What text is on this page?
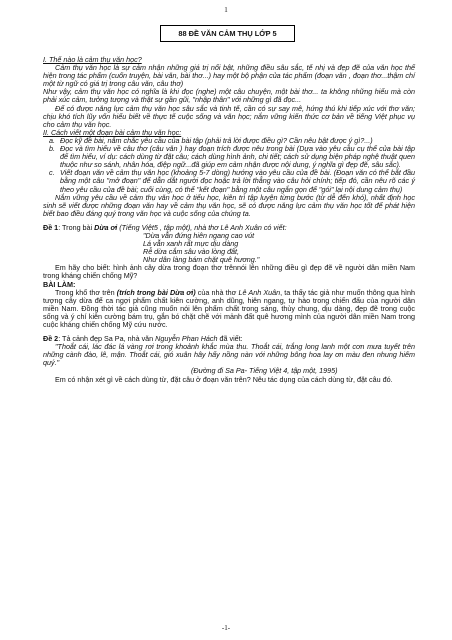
1
88 ĐỀ VĂN CẢM THỤ LỚP 5

I. Thế nào là cảm thụ văn học?

Cảm thụ văn học là sự cảm nhận những giá trị nổi bật, những điều sâu sắc, tế nhị và đẹp đẽ của văn học thể hiện trong tác phẩm (cuốn truyện, bài văn, bài thơ...) hay một bộ phận của tác phẩm (đoạn văn , đoạn thơ...thậm chí một từ ngữ có giá trị trong câu văn, câu thơ)

Như vậy, cảm thụ văn học có nghĩa là khi đọc (nghe) một câu chuyện, một bài thơ... ta không những hiểu mà còn phải xúc cảm, tưởng tượng và thật sự gần gũi, "nhập thân" với những gì đã đọc...

Để có được năng lực cảm thụ văn học sâu sắc và tinh tế, cần có sự say mê, hứng thú khi tiếp xúc với thơ văn; chịu khó tích lũy vốn hiểu biết về thực tế cuộc sống và văn học; nắm vững kiến thức cơ bản về tiếng Việt phục vụ cho cảm thụ văn học.

II. Cách viết một đoạn bài cảm thụ văn học:

a. Đọc kỹ đề bài, nắm chắc yêu cầu của bài tập (phải trả lời được điều gì? Cần nêu bật được ý gì?...)
b. Đọc và tìm hiểu về câu thơ (câu văn ) hay đoạn trích được nêu trong bài (Dựa vào yêu cầu cụ thể của bài tập để tìm hiểu, ví dụ: cách dùng từ đặt câu; cách dùng hình ảnh, chi tiết; cách sử dụng biện pháp nghệ thuật quen thuộc như so sánh, nhân hóa, điệp ngữ...đã giúp em cảm nhận được nội dung, ý nghĩa gì đẹp đẽ, sâu sắc).
c. Viết đoạn văn về cảm thụ văn học (khoảng 5-7 dòng) hướng vào yêu cầu của đề bài. (Đoạn văn có thể bắt đầu bằng một câu "mở đoạn" để dẫn dắt người đọc hoặc trả lời thẳng vào câu hỏi chính; tiếp đó, cần nêu rõ các ý theo yêu cầu của đề bài; cuối cùng, có thể "kết đoạn" bằng một câu ngắn gọn để "gói" lại nội dung cảm thụ)

Nắm vững yêu cầu về cảm thụ văn học ở tiểu học, kiên trì tập luyện từng bước (từ dễ đến khó), nhất định học sinh sẽ viết được những đoạn văn hay về cảm thụ văn học, sẽ có được năng lực cảm thụ văn học tốt để phát hiện biết bao điều đáng quý trong văn học và cuộc sống của chúng ta.

Đề 1: Trong bài Dừa ơi (Tiếng Việt5 , tập một), nhà thơ Lê Anh Xuân có viết:

"Dừa vẫn đứng hiên ngang cao vút
Lá vẫn xanh rất mực dịu dàng
Rễ dừa cắm sâu vào lòng đất,
Như dân làng bám chặt quê hương."

Em hãy cho biết: hình ảnh cây dừa trong đoạn thơ trênnói lên những điều gì đẹp đẽ về người dân miền Nam trong kháng chiến chống Mỹ?

BÀI LÀM:

Trong khổ thơ trên (trích trong bài Dừa ơi) của nhà thơ Lê Anh Xuân, ta thấy tác giả như muốn thông qua hình tượng cây dừa để ca ngợi phẩm chất kiên cường, anh dũng, hiên ngang, tự hào trong chiến đấu của người dân miền Nam. Đồng thời tác giả cũng muốn nói lên phẩm chất trong sáng, thủy chung, dịu dàng, đẹp đẽ trong cuộc sống và ý chí kiên cường bám trụ, gắn bó chặt chẽ với mảnh đất quê hương mình của người dân miền Nam trong cuộc kháng chiến chống Mỹ cứu nước.

Đề 2: Tả cảnh đẹp Sa Pa, nhà văn Nguyễn Phan Hách đã viết:

"Thoắt cái, lác đác lá vàng rơi trong khoảnh khắc mùa thu. Thoắt cái, trắng long lanh một cơn mưa tuyết trên những cành đào, lê, mận. Thoắt cái, gió xuân hây hẩy nồng nàn với những bông hoa lay ơn màu đen nhung hiếm quý."

(Đường đi Sa Pa- Tiếng Việt 4, tập một, 1995)

Em có nhận xét gì về cách dùng từ, đặt câu ở đoạn văn trên? Nêu tác dụng của cách dùng từ, đặt câu đó.

-1-
